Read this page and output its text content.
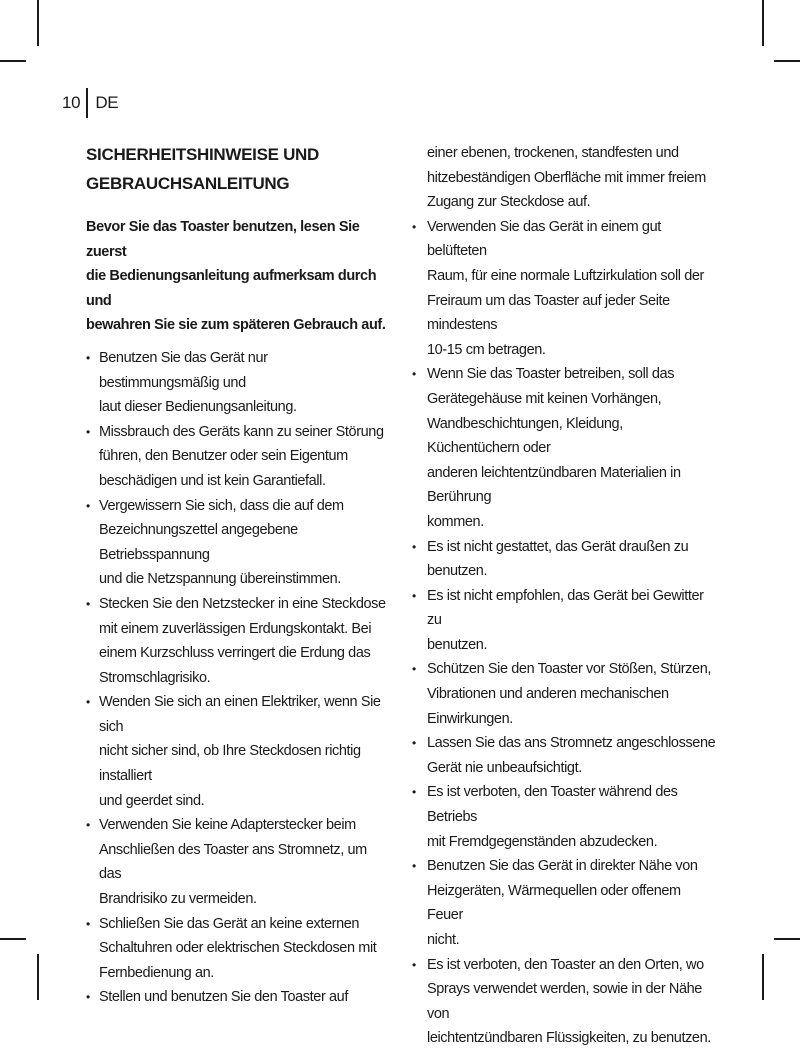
10 DE
SICHERHEITSHINWEISE UND
GEBRAUCHSANLEITUNG
Bevor Sie das Toaster benutzen, lesen Sie zuerst
die Bedienungsanleitung aufmerksam durch und
bewahren Sie sie zum späteren Gebrauch auf.
• Benutzen Sie das Gerät nur bestimmungsmäßig und
laut dieser Bedienungsanleitung.
• Missbrauch des Geräts kann zu seiner Störung
führen, den Benutzer oder sein Eigentum
beschädigen und ist kein Garantiefall.
• Vergewissern Sie sich, dass die auf dem
Bezeichnungszettel angegebene Betriebsspannung
und die Netzspannung übereinstimmen.
• Stecken Sie den Netzstecker in eine Steckdose
mit einem zuverlässigen Erdungskontakt. Bei
einem Kurzschluss verringert die Erdung das
Stromschlagrisiko.
• Wenden Sie sich an einen Elektriker, wenn Sie sich
nicht sicher sind, ob Ihre Steckdosen richtig installiert
und geerdet sind.
• Verwenden Sie keine Adapterstecker beim
Anschließen des Toaster ans Stromnetz, um das
Brandrisiko zu vermeiden.
• Schließen Sie das Gerät an keine externen
Schaltuhren oder elektrischen Steckdosen mit
Fernbedienung an.
• Stellen und benutzen Sie den Toaster auf
einer ebenen, trockenen, standfesten und
hitzebeständigen Oberfläche mit immer freiem
Zugang zur Steckdose auf.
• Verwenden Sie das Gerät in einem gut belüfteten
Raum, für eine normale Luftzirkulation soll der
Freiraum um das Toaster auf jeder Seite mindestens
10-15 cm betragen.
• Wenn Sie das Toaster betreiben, soll das
Gerätegehäuse mit keinen Vorhängen,
Wandbeschichtungen, Kleidung, Küchentüchern oder
anderen leichtentzündbaren Materialien in Berührung
kommen.
• Es ist nicht gestattet, das Gerät draußen zu
benutzen.
• Es ist nicht empfohlen, das Gerät bei Gewitter zu
benutzen.
• Schützen Sie den Toaster vor Stößen, Stürzen,
Vibrationen und anderen mechanischen
Einwirkungen.
• Lassen Sie das ans Stromnetz angeschlossene
Gerät nie unbeaufsichtigt.
• Es ist verboten, den Toaster während des Betriebs
mit Fremdgegenständen abzudecken.
• Benutzen Sie das Gerät in direkter Nähe von
Heizgeräten, Wärmequellen oder offenem Feuer
nicht.
• Es ist verboten, den Toaster an den Orten, wo
Sprays verwendet werden, sowie in der Nähe von
leichtentzündbaren Flüssigkeiten, zu benutzen.
